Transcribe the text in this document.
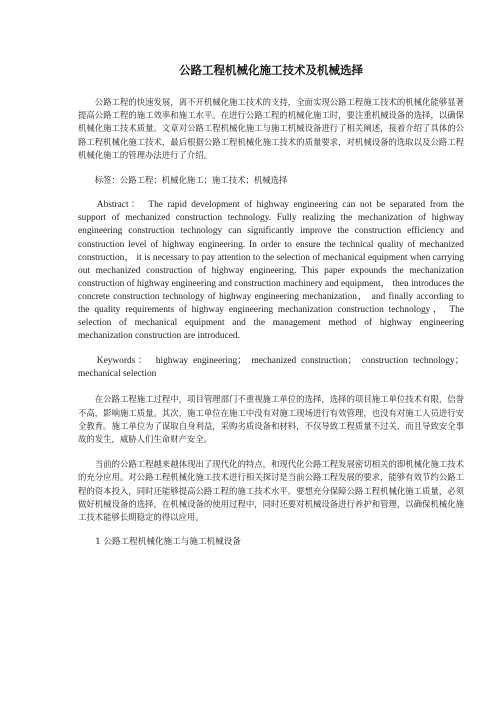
公路工程机械化施工技术及机械选择

公路工程的快速发展，离不开机械化施工技术的支持，全面实现公路工程施工技术的机械化能够显著提高公路工程的施工效率和施工水平。在进行公路工程的机械化施工时，要注重机械设备的选择，以确保机械化施工技术质量。文章对公路工程机械化施工与施工机械设备进行了相关阐述，接着介绍了具体的公路工程机械化施工技术，最后根据公路工程机械化施工技术的质量要求，对机械设备的选取以及公路工程机械化施工的管理办法进行了介绍。

标签：公路工程；机械化施工；施工技术；机械选择

Abstract： The rapid development of highway engineering can not be separated from the support of mechanized construction technology. Fully realizing the mechanization of highway engineering construction technology can significantly improve the construction efficiency and construction level of highway engineering. In order to ensure the technical quality of mechanized construction， it is necessary to pay attention to the selection of mechanical equipment when carrying out mechanized construction of highway engineering. This paper expounds the mechanization construction of highway engineering and construction machinery and equipment， then introduces the concrete construction technology of highway engineering mechanization， and finally according to the quality requirements of highway engineering mechanization construction technology， The selection of mechanical equipment and the management method of highway engineering mechanization construction are introduced.

Keywords： highway engineering； mechanized construction； construction technology； mechanical selection

在公路工程施工过程中，项目管理部门不重视施工单位的选择，选择的项目施工单位技术有限，信誉不高，影响施工质量。其次，施工单位在施工中没有对施工现场进行有效管理，也没有对施工人员进行安全教育。施工单位为了谋取自身利益，采购劣质设备和材料，不仅导致工程质量不过关，而且导致安全事故的发生，威胁人们生命财产安全。

当前的公路工程越来越体现出了现代化的特点，和现代化公路工程发展密切相关的即机械化施工技术的充分应用。对公路工程机械化施工技术进行相关探讨是当前公路工程发展的要求，能够有效节约公路工程的资本投入，同时还能够提高公路工程的施工技术水平。要想充分保障公路工程机械化施工质量，必须做好机械设备的选择，在机械设备的使用过程中，同时还要对机械设备进行养护和管理，以确保机械化施工技术能够长期稳定的得以应用。

1 公路工程机械化施工与施工机械设备
